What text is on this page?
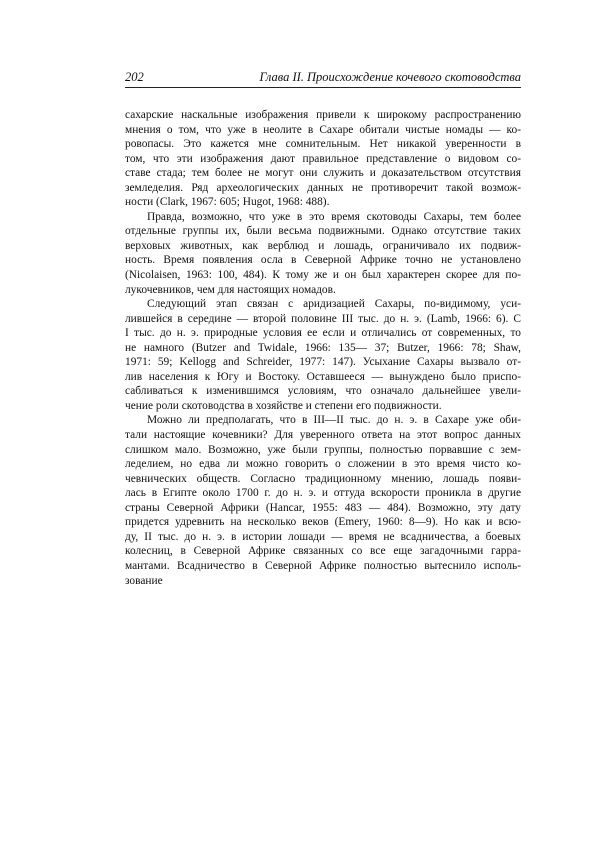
202	Глава II. Происхождение кочевого скотоводства

сахарские наскальные изображения привели к широкому распространению
мнения о том, что уже в неолите в Сахаре обитали чистые номады — ко-
ровопасы. Это кажется мне сомнительным. Нет никакой уверенности в
том, что эти изображения дают правильное представление о видовом со-
ставе стада; тем более не могут они служить и доказательством отсутствия
земледелия. Ряд археологических данных не противоречит такой возмож-
ности (Clark, 1967: 605; Hugot, 1968: 488).

Правда, возможно, что уже в это время скотоводы Сахары, тем более
отдельные группы их, были весьма подвижными. Однако отсутствие таких
верховых животных, как верблюд и лошадь, ограничивало их подвиж-
ность. Время появления осла в Северной Африке точно не установлено
(Nicolaisen, 1963: 100, 484). К тому же и он был характерен скорее для по-
лукочевников, чем для настоящих номадов.

Следующий этап связан с аридизацией Сахары, по-видимому, уси-
лившейся в середине — второй половине III тыс. до н. э. (Lamb, 1966: 6). С
I тыс. до н. э. природные условия ее если и отличались от современных, то
не намного (Butzer and Twidale, 1966: 135— 37; Butzer, 1966: 78; Shaw,
1971: 59; Kellogg and Schreider, 1977: 147). Усыхание Сахары вызвало от-
лив населения к Югу и Востоку. Оставшееся — вынуждено было приспо-
сабливаться к изменившимся условиям, что означало дальнейшее увели-
чение роли скотоводства в хозяйстве и степени его подвижности.

Можно ли предполагать, что в III—II тыс. до н. э. в Сахаре уже оби-
тали настоящие кочевники? Для уверенного ответа на этот вопрос данных
слишком мало. Возможно, уже были группы, полностью порвавшие с зем-
леделием, но едва ли можно говорить о сложении в это время чисто ко-
чевнических обществ. Согласно традиционному мнению, лошадь появи-
лась в Египте около 1700 г. до н. э. и оттуда вскорости проникла в другие
страны Северной Африки (Hancar, 1955: 483 — 484). Возможно, эту дату
придется удревнить на несколько веков (Emery, 1960: 8—9). Но как и всю-
ду, II тыс. до н. э. в истории лошади — время не всадничества, а боевых
колесниц, в Северной Африке связанных со все еще загадочными гарра-
мантами. Всадничество в Северной Африке полностью вытеснило исполь-
зование
